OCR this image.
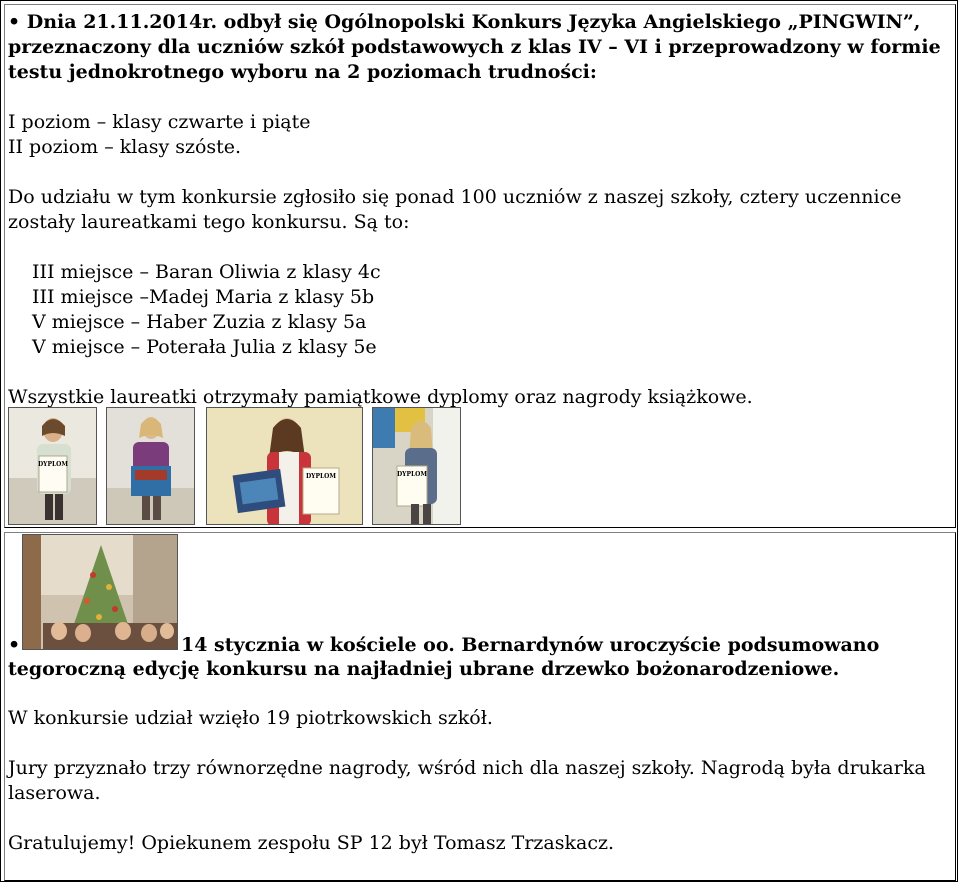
• Dnia 21.11.2014r. odbył się Ogólnopolski Konkurs Języka Angielskiego „PINGWIN”,
przeznaczony dla uczniów szkół podstawowych z klas IV – VI i przeprowadzony w formie
testu jednokrotnego wyboru na 2 poziomach trudności:
I poziom – klasy czwarte i piąte
II poziom – klasy szóste.
Do udziału w tym konkursie zgłosiło się ponad 100 uczniów z naszej szkoły, cztery uczennice
zostały laureatkami tego konkursu. Są to:
III miejsce – Baran Oliwia z klasy 4c
III miejsce –Madej Maria z klasy 5b
V miejsce – Haber Zuzia z klasy 5a
V miejsce – Poterała Julia z klasy 5e
Wszystkie laureatki otrzymały pamiątkowe dyplomy oraz nagrody książkowe.
DYPLOM
DYPLOM	DYPLOM
•	14 stycznia w kościele oo. Bernardynów uroczyście podsumowano
tegoroczną edycję konkursu na najładniej ubrane drzewko bożonarodzeniowe.
W konkursie udział wzięło 19 piotrkowskich szkół.
Jury przyznało trzy równorzędne nagrody, wśród nich dla naszej szkoły. Nagrodą była drukarka
laserowa.
Gratulujemy! Opiekunem zespołu SP 12 był Tomasz Trzaskacz.
